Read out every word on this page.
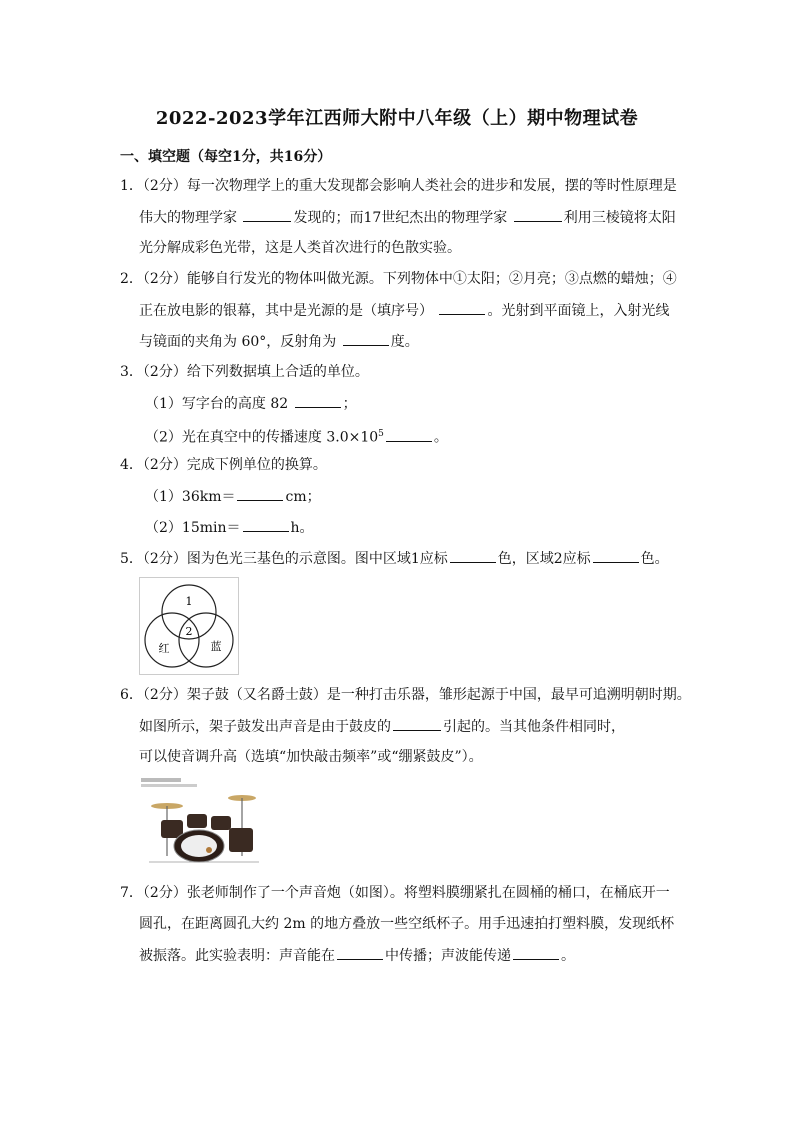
2022-2023学年江西师大附中八年级（上）期中物理试卷
一、填空题（每空1分，共16分）
1．（2分）每一次物理学上的重大发现都会影响人类社会的进步和发展，摆的等时性原理是
伟大的物理学家	发现的；而17世纪杰出的物理学家	利用三棱镜将太阳
光分解成彩色光带，这是人类首次进行的色散实验。
2．（2分）能够自行发光的物体叫做光源。下列物体中①太阳；②月亮；③点燃的蜡烛；④
正在放电影的银幕，其中是光源的是（填序号）	。光射到平面镜上，入射光线
与镜面的夹角为 60°，反射角为	度。
3．（2分）给下列数据填上合适的单位。
（1）写字台的高度 82	；
（2）光在真空中的传播速度 $3.0\times 10^5$	。
4．（2分）完成下例单位的换算。
（1）36km＝	cm；
（2）15min＝	h。
5．（2分）图为色光三基色的示意图。图中区域1应标	色，区域2应标	色。
1
2
红	蓝
6．（2分）架子鼓（又名爵士鼓）是一种打击乐器，雏形起源于中国，最早可追溯明朝时期。
如图所示，架子鼓发出声音是由于鼓皮的	引起的。当其他条件相同时，
可以使音调升高（选填“加快敲击频率”或“绷紧鼓皮”）。
7．（2分）张老师制作了一个声音炮（如图）。将塑料膜绷紧扎在圆桶的桶口，在桶底开一
圆孔，在距离圆孔大约 2m 的地方叠放一些空纸杯子。用手迅速拍打塑料膜，发现纸杯
被振落。此实验表明：声音能在	中传播；声波能传递	。
